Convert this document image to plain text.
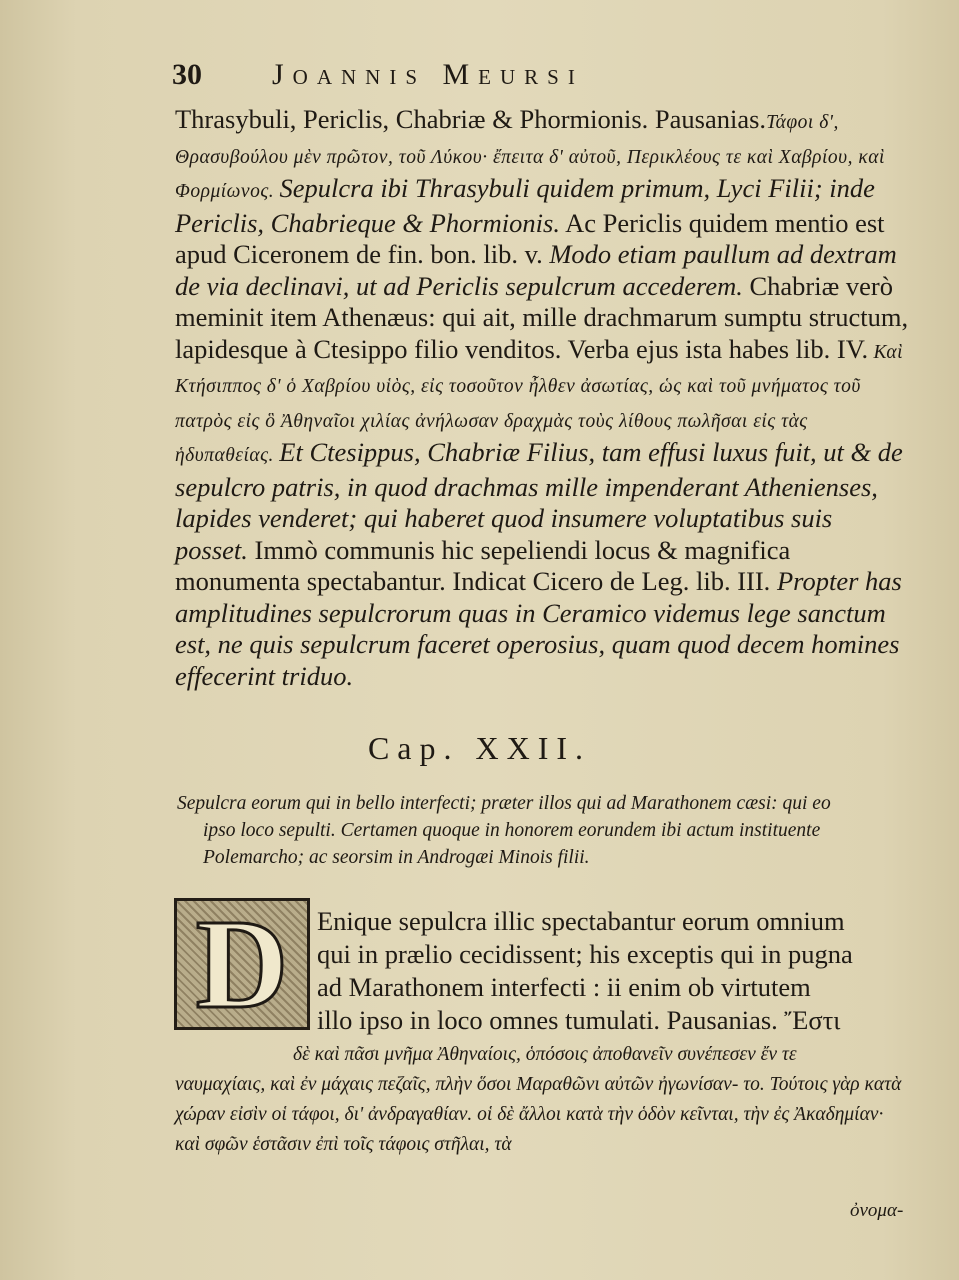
30 Joannis Meursi

Thrasybuli, Periclis, Chabriæ & Phormionis. Pausanias.Τάφοι δ', Θρασυβούλου μὲν πρῶτον, τοῦ Λύκου· ἔπειτα δ' αὐτοῦ, Περικλέους τε καὶ Χαβρίου, καὶ Φορμίωνος. Sepulcra ibi Thrasybuli quidem primum, Lyci Filii; inde Periclis, Chabrieque & Phormionis. Ac Periclis quidem mentio est apud Ciceronem de fin. bon. lib. v. Modo etiam paullum ad dextram de via declinavi, ut ad Periclis sepulcrum accederem. Chabriæ verò meminit item Athenæus: qui ait, mille drachmarum sumptu structum, lapidesque à Ctesippo filio venditos. Verba ejus ista habes lib. IV. Καὶ Κτήσιππος δ' ὁ Χαβρίου υἱὸς, εἰς τοσοῦτον ἦλθεν ἀσωτίας, ὡς καὶ τοῦ μνήματος τοῦ πατρὸς εἰς ὃ Ἀθηναῖοι χιλίας ἀνήλωσαν δραχμὰς τοὺς λίθους πωλῆσαι εἰς τὰς ἡδυπαθείας. Et Ctesippus, Chabriæ Filius, tam effusi luxus fuit, ut & de sepulcro patris, in quod drachmas mille impenderant Athenienses, lapides venderet; qui haberet quod insumere voluptatibus suis posset. Immò communis hic sepeliendi locus & magnifica monumenta spectabantur. Indicat Cicero de Leg. lib. III. Propter has amplitudines sepulcrorum quas in Ceramico videmus lege sanctum est, ne quis sepulcrum faceret operosius, quam quod decem homines effecerint triduo.

Cap. XXII.
Sepulcra eorum qui in bello interfecti; præter illos qui ad Marathonem cæsi: qui eo
ipso loco sepulti. Certamen quoque in honorem eorundem ibi actum instituente
Polemarcho; ac seorsim in Androgæi Minois filii.
D	Enique sepulcra illic spectabantur eorum omnium
qui in prælio cecidissent; his exceptis qui in pugna
ad Marathonem interfecti : ii enim ob virtutem
illo ipso in loco omnes tumulati. Pausanias. Ἔστι
δὲ καὶ πᾶσι μνῆμα Ἀθηναίοις, ὁπόσοις ἀποθανεῖν συνέπεσεν ἔν τε
ναυμαχίαις, καὶ ἐν μάχαις πεζαῖς, πλὴν ὅσοι Μαραθῶνι αὐτῶν ἠγωνίσαν- το. Τούτοις γὰρ κατὰ χώραν εἰσὶν οἱ τάφοι, δι' ἀνδραγαθίαν. οἱ δὲ ἄλλοι κατὰ τὴν ὁδὸν κεῖνται, τὴν ἐς Ἀκαδημίαν· καὶ σφῶν ἑστᾶσιν ἐπὶ τοῖς τάφοις στῆλαι, τὰ
ὀνομα-
